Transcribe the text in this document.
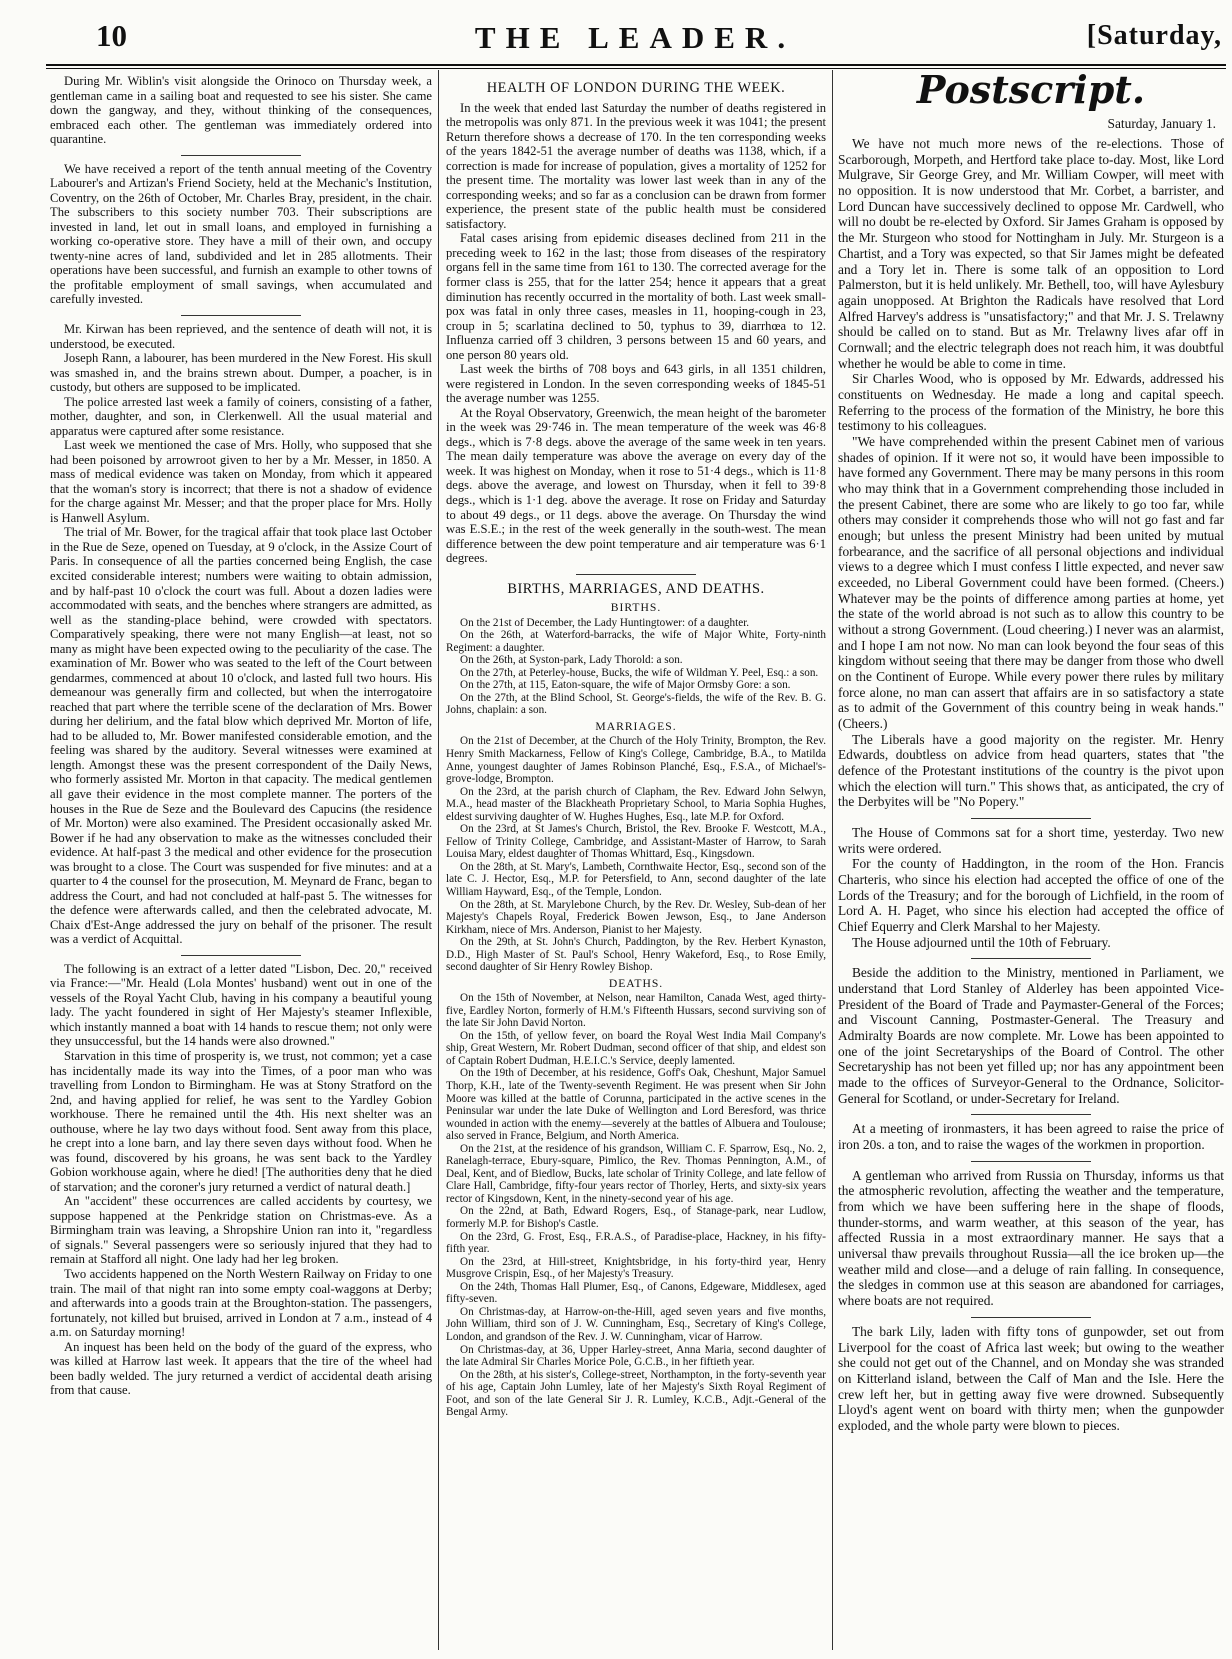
10	THE LEADER.	[Saturday,

During Mr. Wiblin's visit alongside the Orinoco on Thursday week, a gentleman came in a sailing boat and requested to see his sister. She came down the gangway, and they, without thinking of the consequences, embraced each other. The gentleman was immediately ordered into quarantine.

We have received a report of the tenth annual meeting of the Coventry Labourer's and Artizan's Friend Society, held at the Mechanic's Institution, Coventry, on the 26th of October, Mr. Charles Bray, president, in the chair. The subscribers to this society number 703. Their subscriptions are invested in land, let out in small loans, and employed in furnishing a working co-operative store. They have a mill of their own, and occupy twenty-nine acres of land, subdivided and let in 285 allotments. Their operations have been successful, and furnish an example to other towns of the profitable employment of small savings, when accumulated and carefully invested.

Mr. Kirwan has been reprieved, and the sentence of death will not, it is understood, be executed.

Joseph Rann, a labourer, has been murdered in the New Forest. His skull was smashed in, and the brains strewn about. Dumper, a poacher, is in custody, but others are supposed to be implicated.

The police arrested last week a family of coiners, consisting of a father, mother, daughter, and son, in Clerkenwell. All the usual material and apparatus were captured after some resistance.

Last week we mentioned the case of Mrs. Holly, who supposed that she had been poisoned by arrowroot given to her by a Mr. Messer, in 1850. A mass of medical evidence was taken on Monday, from which it appeared that the woman's story is incorrect; that there is not a shadow of evidence for the charge against Mr. Messer; and that the proper place for Mrs. Holly is Hanwell Asylum.

The trial of Mr. Bower, for the tragical affair that took place last October in the Rue de Seze, opened on Tuesday, at 9 o'clock, in the Assize Court of Paris. In consequence of all the parties concerned being English, the case excited considerable interest; numbers were waiting to obtain admission, and by half-past 10 o'clock the court was full. About a dozen ladies were accommodated with seats, and the benches where strangers are admitted, as well as the standing-place behind, were crowded with spectators. Comparatively speaking, there were not many English—at least, not so many as might have been expected owing to the peculiarity of the case. The examination of Mr. Bower who was seated to the left of the Court between gendarmes, commenced at about 10 o'clock, and lasted full two hours. His demeanour was generally firm and collected, but when the interrogatoire reached that part where the terrible scene of the declaration of Mrs. Bower during her delirium, and the fatal blow which deprived Mr. Morton of life, had to be alluded to, Mr. Bower manifested considerable emotion, and the feeling was shared by the auditory. Several witnesses were examined at length. Amongst these was the present correspondent of the Daily News, who formerly assisted Mr. Morton in that capacity. The medical gentlemen all gave their evidence in the most complete manner. The porters of the houses in the Rue de Seze and the Boulevard des Capucins (the residence of Mr. Morton) were also examined. The President occasionally asked Mr. Bower if he had any observation to make as the witnesses concluded their evidence. At half-past 3 the medical and other evidence for the prosecution was brought to a close. The Court was suspended for five minutes: and at a quarter to 4 the counsel for the prosecution, M. Meynard de Franc, began to address the Court, and had not concluded at half-past 5. The witnesses for the defence were afterwards called, and then the celebrated advocate, M. Chaix d'Est-Ange addressed the jury on behalf of the prisoner. The result was a verdict of Acquittal.

The following is an extract of a letter dated "Lisbon, Dec. 20," received via France:—"Mr. Heald (Lola Montes' husband) went out in one of the vessels of the Royal Yacht Club, having in his company a beautiful young lady. The yacht foundered in sight of Her Majesty's steamer Inflexible, which instantly manned a boat with 14 hands to rescue them; not only were they unsuccessful, but the 14 hands were also drowned."

Starvation in this time of prosperity is, we trust, not common; yet a case has incidentally made its way into the Times, of a poor man who was travelling from London to Birmingham. He was at Stony Stratford on the 2nd, and having applied for relief, he was sent to the Yardley Gobion workhouse. There he remained until the 4th. His next shelter was an outhouse, where he lay two days without food. Sent away from this place, he crept into a lone barn, and lay there seven days without food. When he was found, discovered by his groans, he was sent back to the Yardley Gobion workhouse again, where he died! [The authorities deny that he died of starvation; and the coroner's jury returned a verdict of natural death.]

An "accident" these occurrences are called accidents by courtesy, we suppose happened at the Penkridge station on Christmas-eve. As a Birmingham train was leaving, a Shropshire Union ran into it, "regardless of signals." Several passengers were so seriously injured that they had to remain at Stafford all night. One lady had her leg broken.

Two accidents happened on the North Western Railway on Friday to one train. The mail of that night ran into some empty coal-waggons at Derby; and afterwards into a goods train at the Broughton-station. The passengers, fortunately, not killed but bruised, arrived in London at 7 a.m., instead of 4 a.m. on Saturday morning!

An inquest has been held on the body of the guard of the express, who was killed at Harrow last week. It appears that the tire of the wheel had been badly welded. The jury returned a verdict of accidental death arising from that cause.

HEALTH OF LONDON DURING THE WEEK.

In the week that ended last Saturday the number of deaths registered in the metropolis was only 871. In the previous week it was 1041; the present Return therefore shows a decrease of 170. In the ten corresponding weeks of the years 1842-51 the average number of deaths was 1138, which, if a correction is made for increase of population, gives a mortality of 1252 for the present time. The mortality was lower last week than in any of the corresponding weeks; and so far as a conclusion can be drawn from former experience, the present state of the public health must be considered satisfactory.

Fatal cases arising from epidemic diseases declined from 211 in the preceding week to 162 in the last; those from diseases of the respiratory organs fell in the same time from 161 to 130. The corrected average for the former class is 255, that for the latter 254; hence it appears that a great diminution has recently occurred in the mortality of both. Last week small-pox was fatal in only three cases, measles in 11, hooping-cough in 23, croup in 5; scarlatina declined to 50, typhus to 39, diarrhœa to 12. Influenza carried off 3 children, 3 persons between 15 and 60 years, and one person 80 years old.

Last week the births of 708 boys and 643 girls, in all 1351 children, were registered in London. In the seven corresponding weeks of 1845-51 the average number was 1255.

At the Royal Observatory, Greenwich, the mean height of the barometer in the week was 29·746 in. The mean temperature of the week was 46·8 degs., which is 7·8 degs. above the average of the same week in ten years. The mean daily temperature was above the average on every day of the week. It was highest on Monday, when it rose to 51·4 degs., which is 11·8 degs. above the average, and lowest on Thursday, when it fell to 39·8 degs., which is 1·1 deg. above the average. It rose on Friday and Saturday to about 49 degs., or 11 degs. above the average. On Thursday the wind was E.S.E.; in the rest of the week generally in the south-west. The mean difference between the dew point temperature and air temperature was 6·1 degrees.

BIRTHS, MARRIAGES, AND DEATHS.
BIRTHS.

On the 21st of December, the Lady Huntingtower: of a daughter.

On the 26th, at Waterford-barracks, the wife of Major White, Forty-ninth Regiment: a daughter.

On the 26th, at Syston-park, Lady Thorold: a son.

On the 27th, at Peterley-house, Bucks, the wife of Wildman Y. Peel, Esq.: a son.

On the 27th, at 115, Eaton-square, the wife of Major Ormsby Gore: a son.

On the 27th, at the Blind School, St. George's-fields, the wife of the Rev. B. G. Johns, chaplain: a son.

MARRIAGES.

On the 21st of December, at the Church of the Holy Trinity, Brompton, the Rev. Henry Smith Mackarness, Fellow of King's College, Cambridge, B.A., to Matilda Anne, youngest daughter of James Robinson Planché, Esq., F.S.A., of Michael's-grove-lodge, Brompton.

On the 23rd, at the parish church of Clapham, the Rev. Edward John Selwyn, M.A., head master of the Blackheath Proprietary School, to Maria Sophia Hughes, eldest surviving daughter of W. Hughes Hughes, Esq., late M.P. for Oxford.

On the 23rd, at St James's Church, Bristol, the Rev. Brooke F. Westcott, M.A., Fellow of Trinity College, Cambridge, and Assistant-Master of Harrow, to Sarah Louisa Mary, eldest daughter of Thomas Whittard, Esq., Kingsdown.

On the 28th, at St. Mary's, Lambeth, Cornthwaite Hector, Esq., second son of the late C. J. Hector, Esq., M.P. for Petersfield, to Ann, second daughter of the late William Hayward, Esq., of the Temple, London.

On the 28th, at St. Marylebone Church, by the Rev. Dr. Wesley, Sub-dean of her Majesty's Chapels Royal, Frederick Bowen Jewson, Esq., to Jane Anderson Kirkham, niece of Mrs. Anderson, Pianist to her Majesty.

On the 29th, at St. John's Church, Paddington, by the Rev. Herbert Kynaston, D.D., High Master of St. Paul's School, Henry Wakeford, Esq., to Rose Emily, second daughter of Sir Henry Rowley Bishop.

DEATHS.

On the 15th of November, at Nelson, near Hamilton, Canada West, aged thirty-five, Eardley Norton, formerly of H.M.'s Fifteenth Hussars, second surviving son of the late Sir John David Norton.

On the 15th, of yellow fever, on board the Royal West India Mail Company's ship, Great Western, Mr. Robert Dudman, second officer of that ship, and eldest son of Captain Robert Dudman, H.E.I.C.'s Service, deeply lamented.

On the 19th of December, at his residence, Goff's Oak, Cheshunt, Major Samuel Thorp, K.H., late of the Twenty-seventh Regiment. He was present when Sir John Moore was killed at the battle of Corunna, participated in the active scenes in the Peninsular war under the late Duke of Wellington and Lord Beresford, was thrice wounded in action with the enemy—severely at the battles of Albuera and Toulouse; also served in France, Belgium, and North America.

On the 21st, at the residence of his grandson, William C. F. Sparrow, Esq., No. 2, Ranelagh-terrace, Ebury-square, Pimlico, the Rev. Thomas Pennington, A.M., of Deal, Kent, and of Biedlow, Bucks, late scholar of Trinity College, and late fellow of Clare Hall, Cambridge, fifty-four years rector of Thorley, Herts, and sixty-six years rector of Kingsdown, Kent, in the ninety-second year of his age.

On the 22nd, at Bath, Edward Rogers, Esq., of Stanage-park, near Ludlow, formerly M.P. for Bishop's Castle.

On the 23rd, G. Frost, Esq., F.R.A.S., of Paradise-place, Hackney, in his fifty-fifth year.

On the 23rd, at Hill-street, Knightsbridge, in his forty-third year, Henry Musgrove Crispin, Esq., of her Majesty's Treasury.

On the 24th, Thomas Hall Plumer, Esq., of Canons, Edgeware, Middlesex, aged fifty-seven.

On Christmas-day, at Harrow-on-the-Hill, aged seven years and five months, John William, third son of J. W. Cunningham, Esq., Secretary of King's College, London, and grandson of the Rev. J. W. Cunningham, vicar of Harrow.

On Christmas-day, at 36, Upper Harley-street, Anna Maria, second daughter of the late Admiral Sir Charles Morice Pole, G.C.B., in her fiftieth year.

On the 28th, at his sister's, College-street, Northampton, in the forty-seventh year of his age, Captain John Lumley, late of her Majesty's Sixth Royal Regiment of Foot, and son of the late General Sir J. R. Lumley, K.C.B., Adjt.-General of the Bengal Army.

Postscript.
Saturday, January 1.

We have not much more news of the re-elections. Those of Scarborough, Morpeth, and Hertford take place to-day. Most, like Lord Mulgrave, Sir George Grey, and Mr. William Cowper, will meet with no opposition. It is now understood that Mr. Corbet, a barrister, and Lord Duncan have successively declined to oppose Mr. Cardwell, who will no doubt be re-elected by Oxford. Sir James Graham is opposed by the Mr. Sturgeon who stood for Nottingham in July. Mr. Sturgeon is a Chartist, and a Tory was expected, so that Sir James might be defeated and a Tory let in. There is some talk of an opposition to Lord Palmerston, but it is held unlikely. Mr. Bethell, too, will have Aylesbury again unopposed. At Brighton the Radicals have resolved that Lord Alfred Harvey's address is "unsatisfactory;" and that Mr. J. S. Trelawny should be called on to stand. But as Mr. Trelawny lives afar off in Cornwall; and the electric telegraph does not reach him, it was doubtful whether he would be able to come in time.

Sir Charles Wood, who is opposed by Mr. Edwards, addressed his constituents on Wednesday. He made a long and capital speech. Referring to the process of the formation of the Ministry, he bore this testimony to his colleagues.

"We have comprehended within the present Cabinet men of various shades of opinion. If it were not so, it would have been impossible to have formed any Government. There may be many persons in this room who may think that in a Government comprehending those included in the present Cabinet, there are some who are likely to go too far, while others may consider it comprehends those who will not go fast and far enough; but unless the present Ministry had been united by mutual forbearance, and the sacrifice of all personal objections and individual views to a degree which I must confess I little expected, and never saw exceeded, no Liberal Government could have been formed. (Cheers.) Whatever may be the points of difference among parties at home, yet the state of the world abroad is not such as to allow this country to be without a strong Government. (Loud cheering.) I never was an alarmist, and I hope I am not now. No man can look beyond the four seas of this kingdom without seeing that there may be danger from those who dwell on the Continent of Europe. While every power there rules by military force alone, no man can assert that affairs are in so satisfactory a state as to admit of the Government of this country being in weak hands." (Cheers.)

The Liberals have a good majority on the register. Mr. Henry Edwards, doubtless on advice from head quarters, states that "the defence of the Protestant institutions of the country is the pivot upon which the election will turn." This shows that, as anticipated, the cry of the Derbyites will be "No Popery."

The House of Commons sat for a short time, yesterday. Two new writs were ordered.

For the county of Haddington, in the room of the Hon. Francis Charteris, who since his election had accepted the office of one of the Lords of the Treasury; and for the borough of Lichfield, in the room of Lord A. H. Paget, who since his election had accepted the office of Chief Equerry and Clerk Marshal to her Majesty.

The House adjourned until the 10th of February.

Beside the addition to the Ministry, mentioned in Parliament, we understand that Lord Stanley of Alderley has been appointed Vice-President of the Board of Trade and Paymaster-General of the Forces; and Viscount Canning, Postmaster-General. The Treasury and Admiralty Boards are now complete. Mr. Lowe has been appointed to one of the joint Secretaryships of the Board of Control. The other Secretaryship has not been yet filled up; nor has any appointment been made to the offices of Surveyor-General to the Ordnance, Solicitor-General for Scotland, or under-Secretary for Ireland.

At a meeting of ironmasters, it has been agreed to raise the price of iron 20s. a ton, and to raise the wages of the workmen in proportion.

A gentleman who arrived from Russia on Thursday, informs us that the atmospheric revolution, affecting the weather and the temperature, from which we have been suffering here in the shape of floods, thunder-storms, and warm weather, at this season of the year, has affected Russia in a most extraordinary manner. He says that a universal thaw prevails throughout Russia—all the ice broken up—the weather mild and close—and a deluge of rain falling. In consequence, the sledges in common use at this season are abandoned for carriages, where boats are not required.

The bark Lily, laden with fifty tons of gunpowder, set out from Liverpool for the coast of Africa last week; but owing to the weather she could not get out of the Channel, and on Monday she was stranded on Kitterland island, between the Calf of Man and the Isle. Here the crew left her, but in getting away five were drowned. Subsequently Lloyd's agent went on board with thirty men; when the gunpowder exploded, and the whole party were blown to pieces.
